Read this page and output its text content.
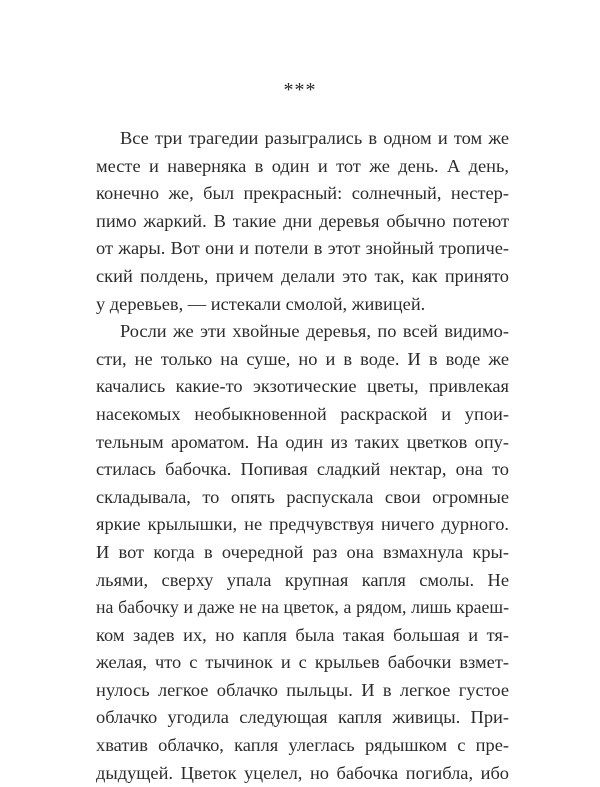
***
Все три трагедии разыгрались в одном и том же
месте и наверняка в один и тот же день. А день,
конечно же, был прекрасный: солнечный, нестер-
пимо жаркий. В такие дни деревья обычно потеют
от жары. Вот они и потели в этот знойный тропиче-
ский полдень, причем делали это так, как принято
у деревьев, — истекали смолой, живицей.
Росли же эти хвойные деревья, по всей видимо-
сти, не только на суше, но и в воде. И в воде же
качались какие-то экзотические цветы, привлекая
насекомых необыкновенной раскраской и упои-
тельным ароматом. На один из таких цветков опу-
стилась бабочка. Попивая сладкий нектар, она то
складывала, то опять распускала свои огромные
яркие крылышки, не предчувствуя ничего дурного.
И вот когда в очередной раз она взмахнула кры-
льями, сверху упала крупная капля смолы. Не
на бабочку и даже не на цветок, а рядом, лишь краеш-
ком задев их, но капля была такая большая и тя-
желая, что с тычинок и с крыльев бабочки взмет-
нулось легкое облачко пыльцы. И в легкое густое
облачко угодила следующая капля живицы. При-
хватив облачко, капля улеглась рядышком с пре-
дыдущей. Цветок уцелел, но бабочка погибла, ибо
